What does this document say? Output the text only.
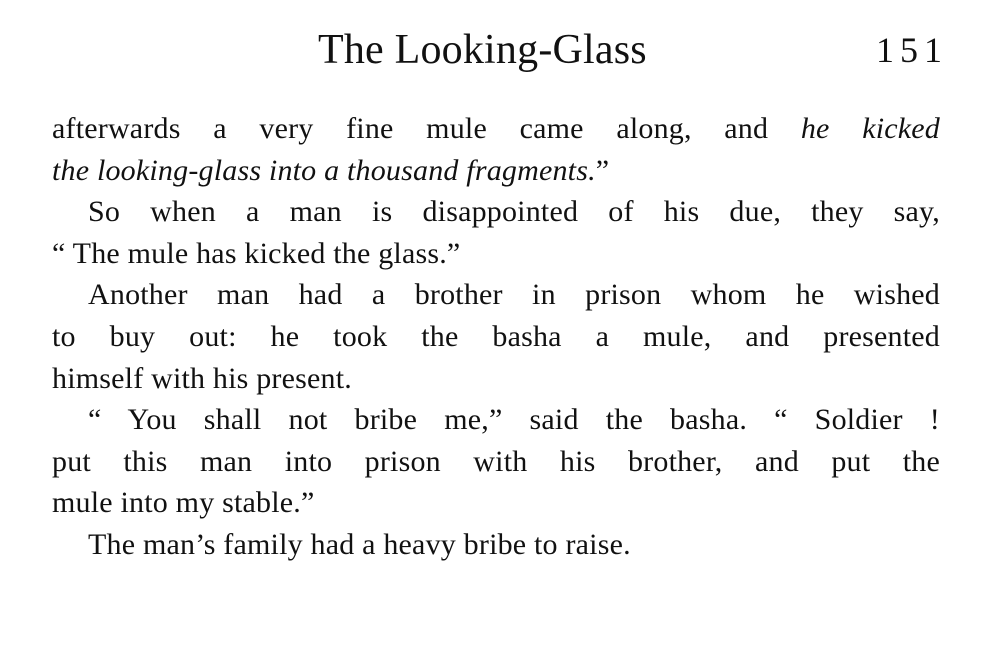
The Looking-Glass	151
afterwards a very fine mule came along, and he kicked
the looking-glass into a thousand fragments.”
So when a man is disappointed of his due, they say,
“ The mule has kicked the glass.”
Another man had a brother in prison whom he wished
to buy out: he took the basha a mule, and presented
himself with his present.
“ You shall not bribe me,” said the basha. “ Soldier !
put this man into prison with his brother, and put the
mule into my stable.”
The man’s family had a heavy bribe to raise.
